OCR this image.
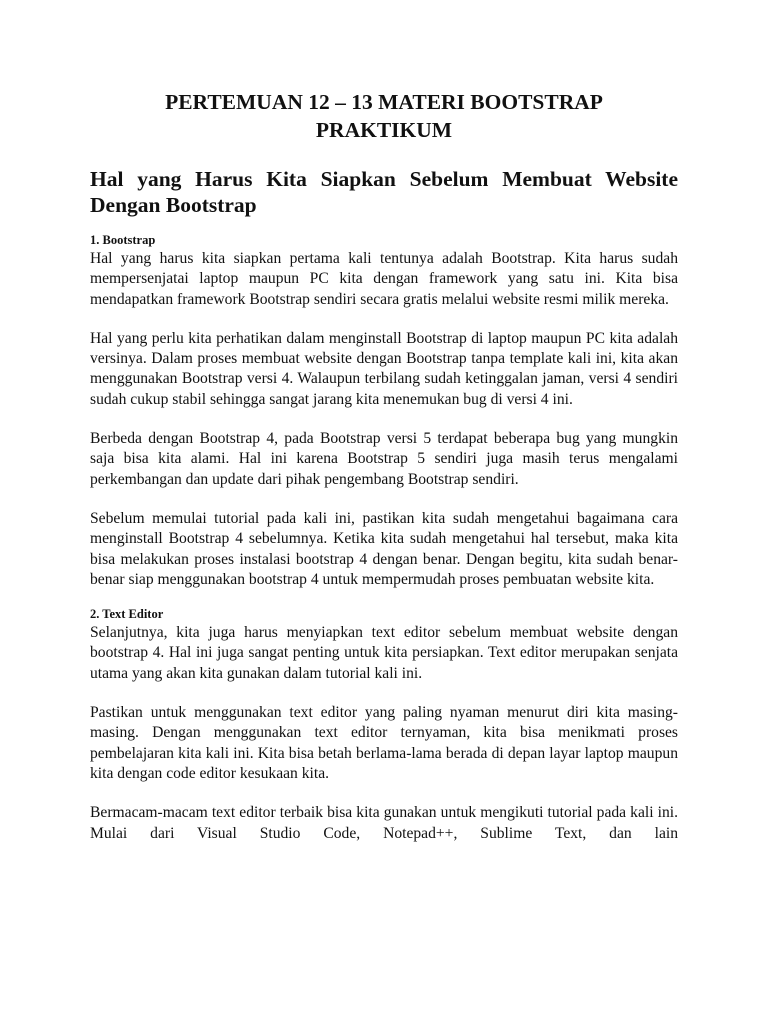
PERTEMUAN 12 – 13 MATERI BOOTSTRAP
PRAKTIKUM
Hal yang Harus Kita Siapkan Sebelum Membuat Website Dengan Bootstrap
1. Bootstrap

Hal yang harus kita siapkan pertama kali tentunya adalah Bootstrap. Kita harus sudah mempersenjatai laptop maupun PC kita dengan framework yang satu ini. Kita bisa mendapatkan framework Bootstrap sendiri secara gratis melalui website resmi milik mereka.

Hal yang perlu kita perhatikan dalam menginstall Bootstrap di laptop maupun PC kita adalah versinya. Dalam proses membuat website dengan Bootstrap tanpa template kali ini, kita akan menggunakan Bootstrap versi 4. Walaupun terbilang sudah ketinggalan jaman, versi 4 sendiri sudah cukup stabil sehingga sangat jarang kita menemukan bug di versi 4 ini.

Berbeda dengan Bootstrap 4, pada Bootstrap versi 5 terdapat beberapa bug yang mungkin saja bisa kita alami. Hal ini karena Bootstrap 5 sendiri juga masih terus mengalami perkembangan dan update dari pihak pengembang Bootstrap sendiri.

Sebelum memulai tutorial pada kali ini, pastikan kita sudah mengetahui bagaimana cara menginstall Bootstrap 4 sebelumnya. Ketika kita sudah mengetahui hal tersebut, maka kita bisa melakukan proses instalasi bootstrap 4 dengan benar. Dengan begitu, kita sudah benar-benar siap menggunakan bootstrap 4 untuk mempermudah proses pembuatan website kita.

2. Text Editor

Selanjutnya, kita juga harus menyiapkan text editor sebelum membuat website dengan bootstrap 4. Hal ini juga sangat penting untuk kita persiapkan. Text editor merupakan senjata utama yang akan kita gunakan dalam tutorial kali ini.

Pastikan untuk menggunakan text editor yang paling nyaman menurut diri kita masing-masing. Dengan menggunakan text editor ternyaman, kita bisa menikmati proses pembelajaran kita kali ini. Kita bisa betah berlama-lama berada di depan layar laptop maupun kita dengan code editor kesukaan kita.

Bermacam-macam text editor terbaik bisa kita gunakan untuk mengikuti tutorial pada kali ini. Mulai dari Visual Studio Code, Notepad++, Sublime Text, dan lain
